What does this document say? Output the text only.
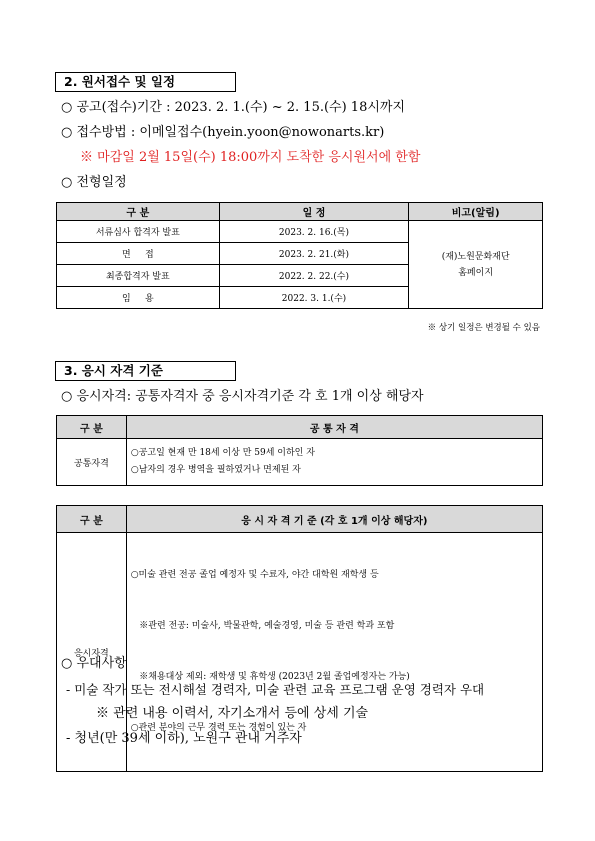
2. 원서접수 및 일정
○ 공고(접수)기간 : 2023. 2. 1.(수) ~ 2. 15.(수) 18시까지
○ 접수방법 : 이메일접수(hyein.yoon@nowonarts.kr)
※ 마감일 2월 15일(수) 18:00까지 도착한 응시원서에 한함
○ 전형일정
구 분	일 정	비고(알림)
서류심사 합격자 발표	2023. 2. 16.(목)	(재)노원문화재단
홈페이지

면     접	2023. 2. 21.(화)	
최종합격자 발표	2022. 2. 22.(수)	
임     용	2022. 3. 1.(수)	
※ 상기 일정은 변경될 수 있음
3. 응시 자격 기준
○ 응시자격: 공통자격자 중 응시자격기준 각 호 1개 이상 해당자
구 분	공 통 자 격
공통자격	○공고일 현재 만 18세 이상 만 59세 이하인 자
○남자의 경우 병역을 필하였거나 면제된 자
구 분	응 시 자 격 기 준 (각 호 1개 이상 해당자)
응시자격	○미술 관련 전공 졸업 예정자 및 수료자, 야간 대학원 재학생 등

※관련 전공: 미술사, 박물관학, 예술경영, 미술 등 관련 학과 포함

※채용대상 제외: 재학생 및 휴학생 (2023년 2월 졸업예정자는 가능)

○관련 분야의 근무 경력 또는 경험이 있는 자

○ 우대사항
- 미술 작가 또는 전시해설 경력자, 미술 관련 교육 프로그램 운영 경력자 우대
※ 관련 내용 이력서, 자기소개서 등에 상세 기술
- 청년(만 39세 이하), 노원구 관내 거주자
